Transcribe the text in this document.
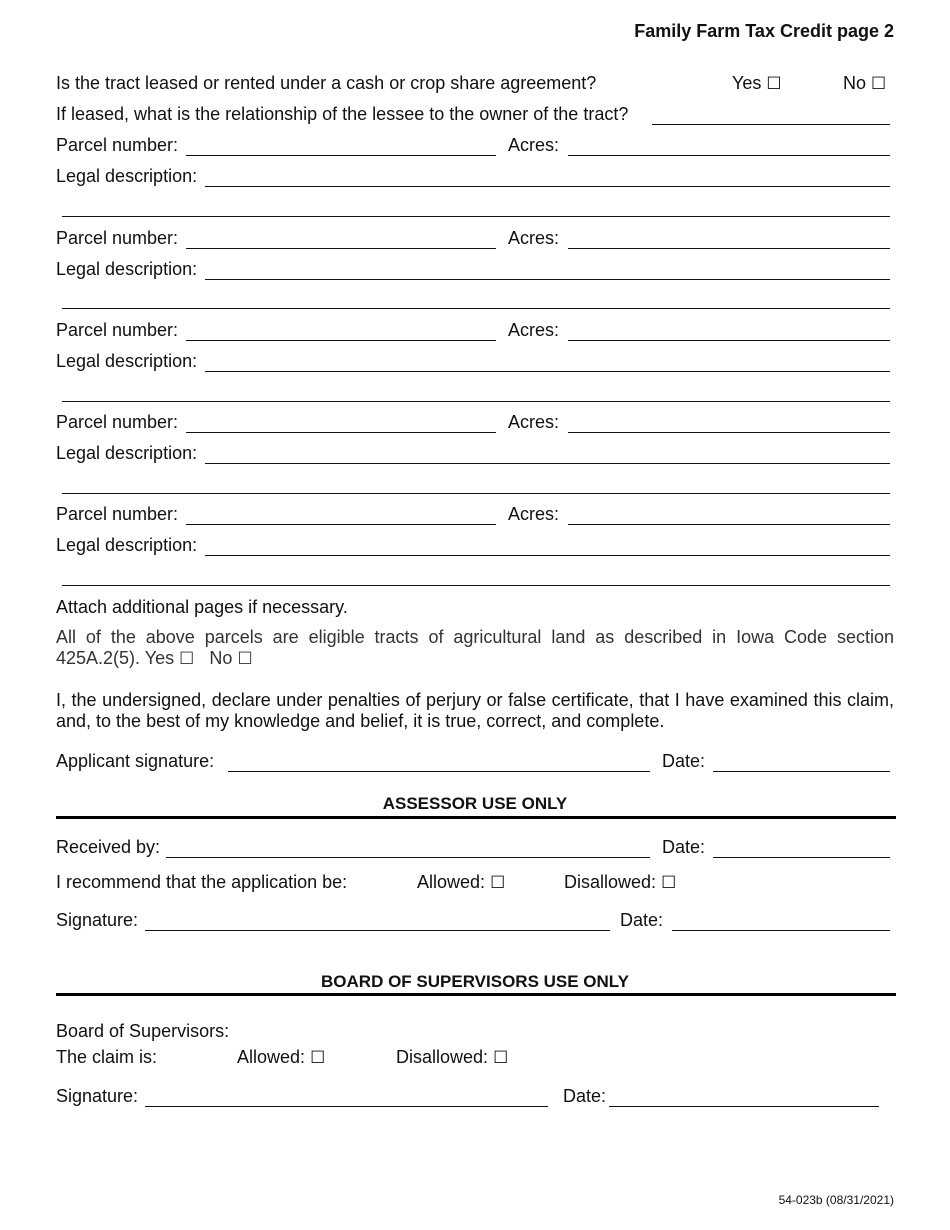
Family Farm Tax Credit page 2
Is the tract leased or rented under a cash or crop share agreement?	Yes ☐	No ☐
If leased, what is the relationship of the lessee to the owner of the tract?
Parcel number:	Acres:
Legal description:
Parcel number:	Acres:
Legal description:
Parcel number:	Acres:
Legal description:
Parcel number:	Acres:
Legal description:
Parcel number:	Acres:
Legal description:
Attach additional pages if necessary.
All of the above parcels are eligible tracts of agricultural land as described in Iowa Code section 425A.2(5). Yes ☐ No ☐
I, the undersigned, declare under penalties of perjury or false certificate, that I have examined this claim, and, to the best of my knowledge and belief, it is true, correct, and complete.
Applicant signature:	Date:
ASSESSOR USE ONLY
Received by:	Date:
I recommend that the application be:	Allowed: ☐	Disallowed: ☐
Signature:	Date:
BOARD OF SUPERVISORS USE ONLY
Board of Supervisors:
The claim is:	Allowed: ☐	Disallowed: ☐
Signature:	Date:
54-023b (08/31/2021)
